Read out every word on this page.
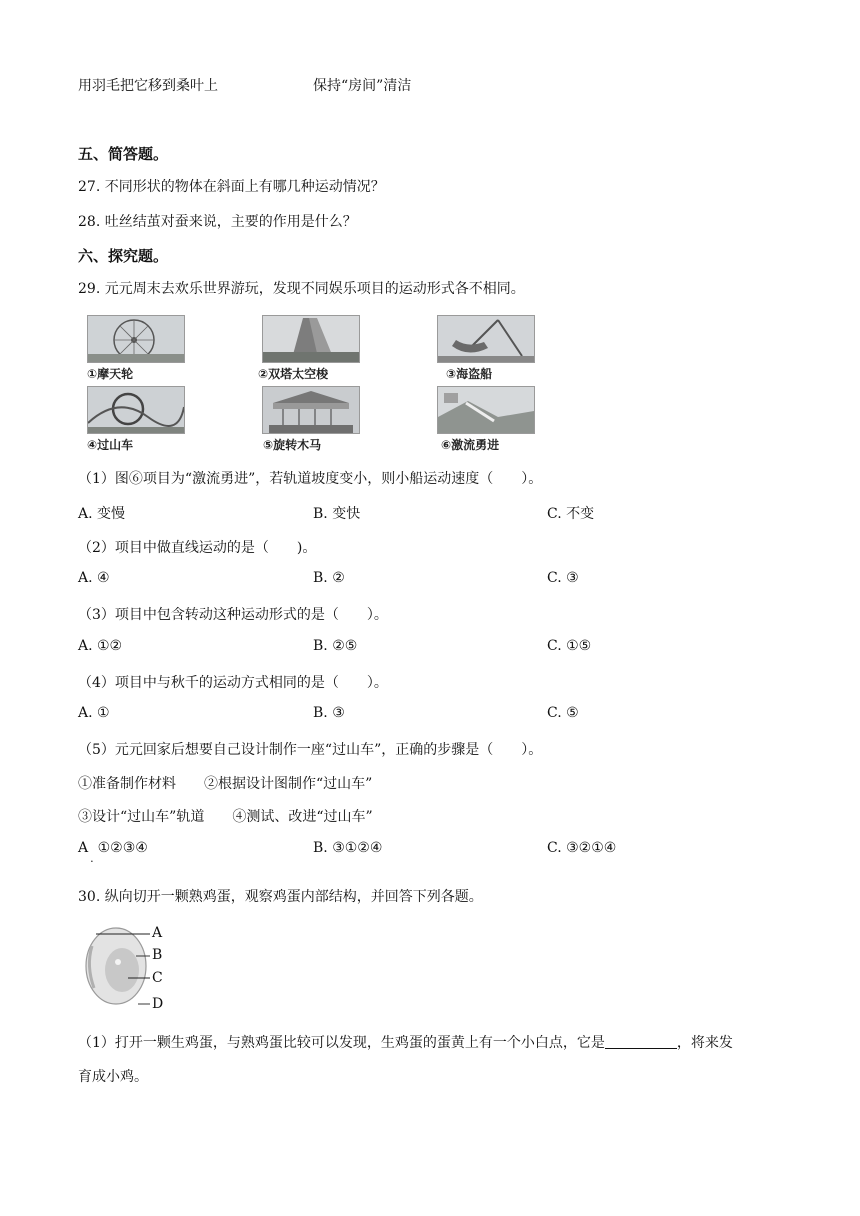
用羽毛把它移到桑叶上	保持“房间”清洁
五、简答题。
27. 不同形状的物体在斜面上有哪几种运动情况？
28. 吐丝结茧对蚕来说，主要的作用是什么？
六、探究题。
29. 元元周末去欢乐世界游玩，发现不同娱乐项目的运动形式各不相同。
①摩天轮	②双塔太空梭	③海盗船
④过山车	⑤旋转木马	⑥激流勇进
（1）图⑥项目为“激流勇进”，若轨道坡度变小，则小船运动速度（　　）。
A. 变慢	B. 变快	C. 不变
（2）项目中做直线运动的是（　　)。
A. ④	B. ②	C. ③
（3）项目中包含转动这种运动形式的是（　　）。
A. ①②	B. ②⑤	C. ①⑤
（4）项目中与秋千的运动方式相同的是（　　）。
A. ①	B. ③	C. ⑤
（5）元元回家后想要自己设计制作一座“过山车”，正确的步骤是（　　）。
①准备制作材料　　②根据设计图制作“过山车”
③设计“过山车”轨道　　④测试、改进“过山车”
$A_.①②③④$	B. ③①②④	C. ③②①④
30. 纵向切开一颗熟鸡蛋，观察鸡蛋内部结构，并回答下列各题。
A
B
C
D
（1）打开一颗生鸡蛋，与熟鸡蛋比较可以发现，生鸡蛋的蛋黄上有一个小白点，它是	，将来发
育成小鸡。
